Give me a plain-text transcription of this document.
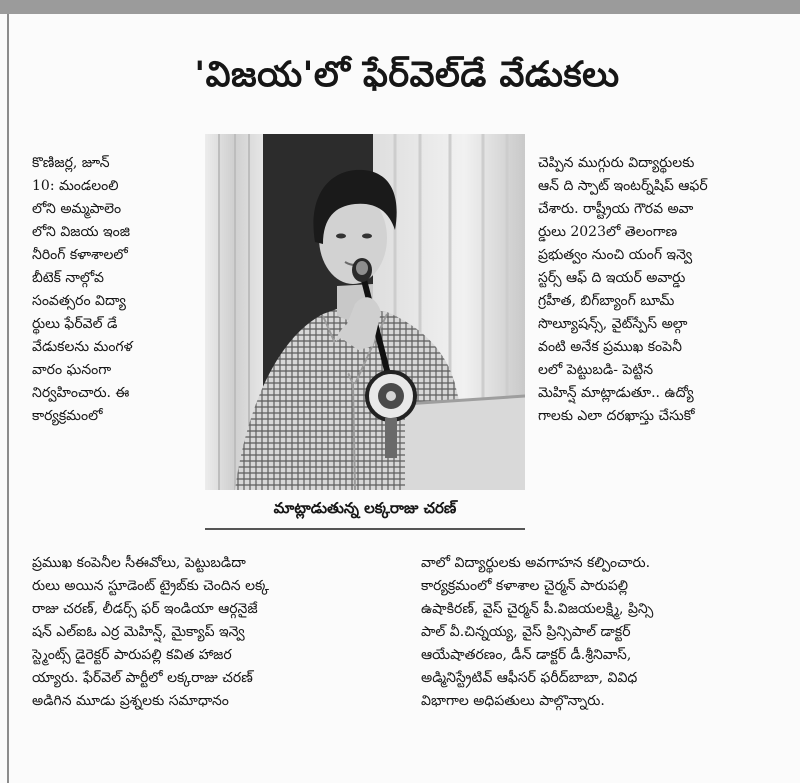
'విజయ'లో ఫేర్‌వెల్‌డే వేడుకలు
కొణిజర్ల, జూన్
10: మండలంలి
లోని అమ్మపాలెం
లోని విజయ ఇంజి
నీరింగ్ కళాశాలలో
బీటెక్ నాల్గోవ
సంవత్సరం విద్యా
ర్థులు ఫేర్‌వెల్ డే
వేడుకలను మంగళ
వారం ఘనంగా
నిర్వహించారు. ఈ
కార్యక్రమంలో
మాట్లాడుతున్న లక్కరాజు చరణ్
చెప్పిన ముగ్గురు విద్యార్థులకు
ఆన్ ది స్పాట్ ఇంటర్న్‌షిప్ ఆఫర్
చేశారు. రాష్ట్రీయ గౌరవ అవా
ర్డులు 2023లో తెలంగాణ
ప్రభుత్వం నుంచి యంగ్ ఇన్వె
స్టర్స్ ఆఫ్ ది ఇయర్ అవార్డు
గ్రహీత, బిగ్‌బ్యాంగ్ బూమ్
సొల్యూషన్స్, వైట్‌స్పేస్ అల్గా
వంటి అనేక ప్రముఖ కంపెనీ
లలో పెట్టుబడి- పెట్టిన
మెహిన్ష్ మాట్లాడుతూ.. ఉద్యో
గాలకు ఎలా దరఖాస్తు చేసుకో
ప్రముఖ కంపెనీల సీఈవోలు, పెట్టుబడిదా
రులు అయిన స్టూడెంట్ ట్రైబ్‌కు చెందిన లక్క
రాజు చరణ్, లీడర్స్ ఫర్ ఇండియా ఆర్గనైజే
షన్ ఎల్ఐఓ ఎర్ర మెహిన్ష్, మైక్యాప్ ఇన్వె
స్ట్మెంట్స్ డైరెక్టర్ పారుపల్లి కవిత హాజర
య్యారు. ఫేర్‌వెల్ పార్టీలో లక్కరాజు చరణ్
అడిగిన మూడు ప్రశ్నలకు సమాధానం
వాలో విద్యార్థులకు అవగాహన కల్పించారు.
కార్యక్రమంలో కళాశాల చైర్మన్ పారుపల్లి
ఉషాకిరణ్, వైస్ చైర్మన్ పీ.విజయలక్ష్మి, ప్రిన్సి
పాల్ వీ.చిన్నయ్య, వైస్ ప్రిన్సిపాల్ డాక్టర్
ఆయేషాతరణం, డీన్ డాక్టర్ డీ.శ్రీనివాస్,
అడ్మినిస్ట్రేటివ్ ఆఫీసర్ ఫరీద్‌బాబా, వివిధ
విభాగాల అధిపతులు పాల్గొన్నారు.
